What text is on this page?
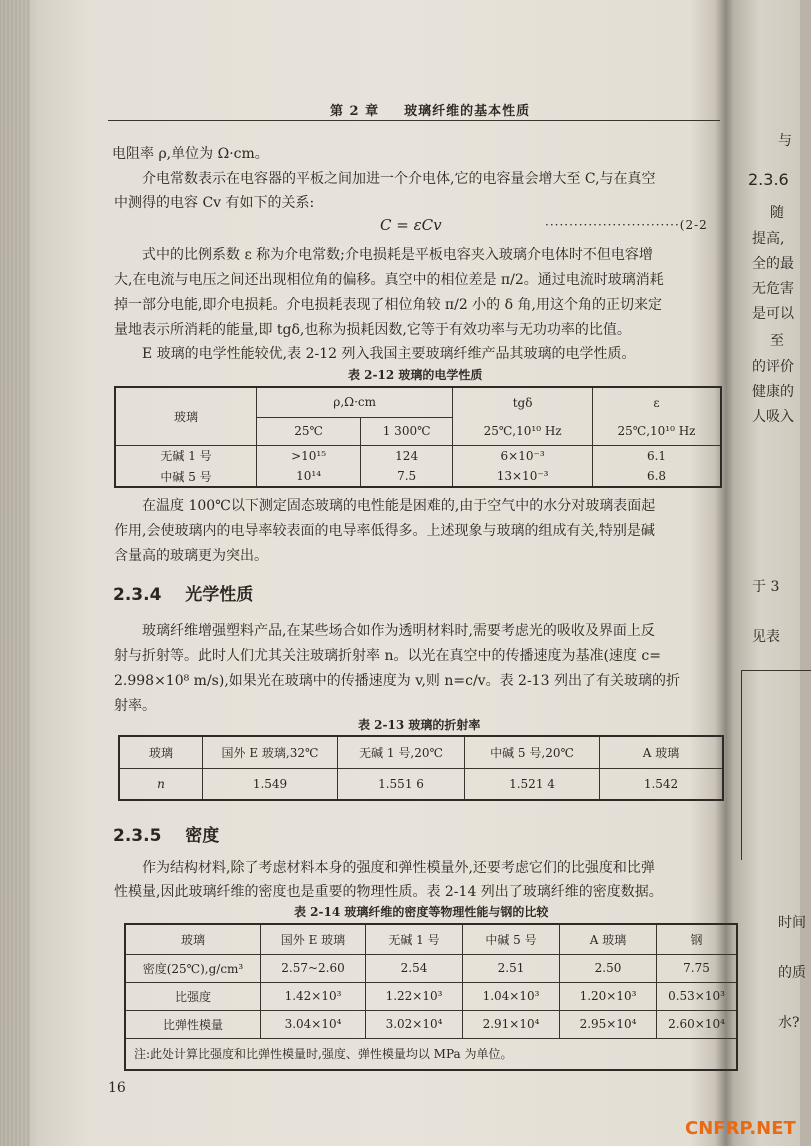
第 2 章 玻璃纤维的基本性质
电阻率 ρ,单位为 Ω·cm。
介电常数表示在电容器的平板之间加进一个介电体,它的电容量会增大至 C,与在真空
中测得的电容 Cv 有如下的关系:
C = εCv	····························(2-2
式中的比例系数 ε 称为介电常数;介电损耗是平板电容夹入玻璃介电体时不但电容增
大,在电流与电压之间还出现相位角的偏移。真空中的相位差是 π/2。通过电流时玻璃消耗
掉一部分电能,即介电损耗。介电损耗表现了相位角较 π/2 小的 δ 角,用这个角的正切来定
量地表示所消耗的能量,即 tgδ,也称为损耗因数,它等于有效功率与无功功率的比值。
E 玻璃的电学性能较优,表 2-12 列入我国主要玻璃纤维产品其玻璃的电学性质。
表 2-12 玻璃的电学性质
玻璃	ρ,Ω·cm		tgδ	ε
	25℃	1 300℃	25℃,10¹⁰ Hz	25℃,10¹⁰ Hz
无碱 1 号	>10¹⁵	124	6×10⁻³	6.1
中碱 5 号	10¹⁴	7.5	13×10⁻³	6.8
在温度 100℃以下测定固态玻璃的电性能是困难的,由于空气中的水分对玻璃表面起
作用,会使玻璃内的电导率较表面的电导率低得多。上述现象与玻璃的组成有关,特别是碱
含量高的玻璃更为突出。
2.3.4 光学性质
玻璃纤维增强塑料产品,在某些场合如作为透明材料时,需要考虑光的吸收及界面上反
射与折射等。此时人们尤其关注玻璃折射率 n。以光在真空中的传播速度为基准(速度 c=
2.998×10⁸ m/s),如果光在玻璃中的传播速度为 v,则 n=c/v。表 2-13 列出了有关玻璃的折
射率。
表 2-13 玻璃的折射率
玻璃	国外 E 玻璃,32℃	无碱 1 号,20℃	中碱 5 号,20℃	A 玻璃
n	1.549	1.551 6	1.521 4	1.542
2.3.5 密度
作为结构材料,除了考虑材料本身的强度和弹性模量外,还要考虑它们的比强度和比弹
性模量,因此玻璃纤维的密度也是重要的物理性质。表 2-14 列出了玻璃纤维的密度数据。
表 2-14 玻璃纤维的密度等物理性能与钢的比较
玻璃	国外 E 玻璃	无碱 1 号	中碱 5 号	A 玻璃	钢
密度(25℃),g/cm³	2.57~2.60	2.54	2.51	2.50	7.75
比强度	1.42×10³	1.22×10³	1.04×10³	1.20×10³	0.53×10³
比弹性模量	3.04×10⁴	3.02×10⁴	2.91×10⁴	2.95×10⁴	2.60×10⁴
注:此处计算比强度和比弹性模量时,强度、弹性模量均以 MPa 为单位。					
16
与
2.3.6
随
提高,
全的最
无危害
是可以
至
的评价
健康的
人吸入
于 3
见表
时间
的质
水?
CNFRP.NET
